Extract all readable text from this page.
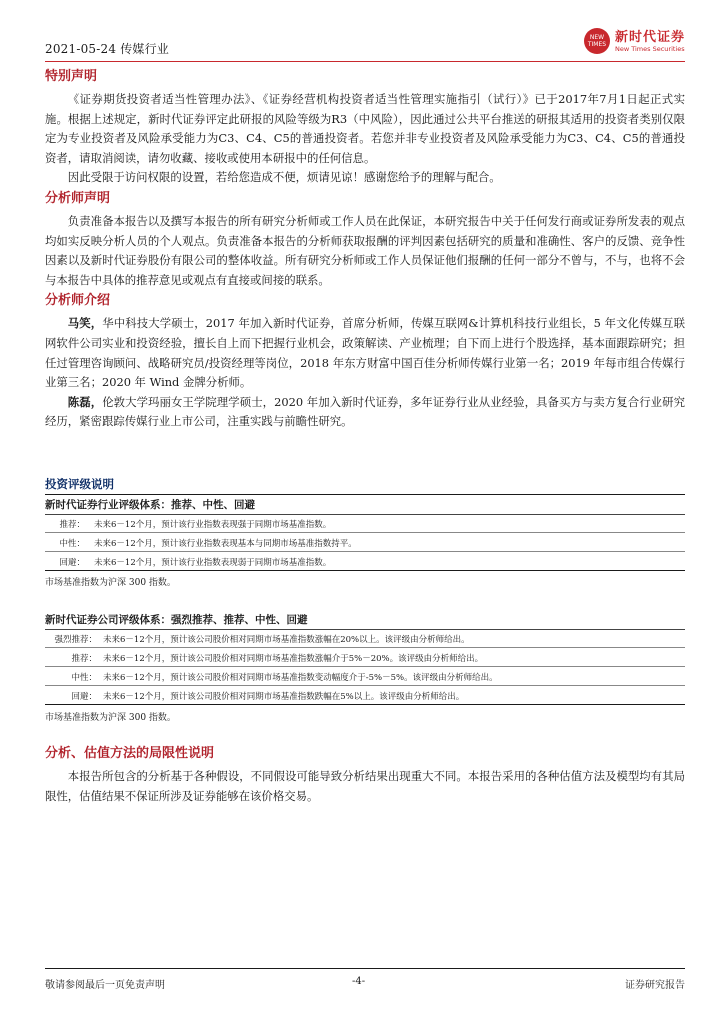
2021-05-24 传媒行业
NEW TIMES 新时代证券
New Times Securities
特别声明

《证券期货投资者适当性管理办法》、《证券经营机构投资者适当性管理实施指引（试行）》已于2017年7月1日起正式实施。根据上述规定，新时代证券评定此研报的风险等级为R3（中风险），因此通过公共平台推送的研报其适用的投资者类别仅限定为专业投资者及风险承受能力为C3、C4、C5的普通投资者。若您并非专业投资者及风险承受能力为C3、C4、C5的普通投资者，请取消阅读，请勿收藏、接收或使用本研报中的任何信息。

因此受限于访问权限的设置，若给您造成不便，烦请见谅！感谢您给予的理解与配合。

分析师声明

负责准备本报告以及撰写本报告的所有研究分析师或工作人员在此保证，本研究报告中关于任何发行商或证券所发表的观点均如实反映分析人员的个人观点。负责准备本报告的分析师获取报酬的评判因素包括研究的质量和准确性、客户的反馈、竞争性因素以及新时代证券股份有限公司的整体收益。所有研究分析师或工作人员保证他们报酬的任何一部分不曾与，不与，也将不会与本报告中具体的推荐意见或观点有直接或间接的联系。

分析师介绍

马笑，华中科技大学硕士，2017 年加入新时代证券，首席分析师，传媒互联网&计算机科技行业组长，5 年文化传媒互联网软件公司实业和投资经验，擅长自上而下把握行业机会，政策解读、产业梳理；自下而上进行个股选择，基本面跟踪研究；担任过管理咨询顾问、战略研究员/投资经理等岗位，2018 年东方财富中国百佳分析师传媒行业第一名；2019 年每市组合传媒行业第三名；2020 年 Wind 金牌分析师。

陈磊，伦敦大学玛丽女王学院理学硕士，2020 年加入新时代证券，多年证券行业从业经验，具备买方与卖方复合行业研究经历，紧密跟踪传媒行业上市公司，注重实践与前瞻性研究。

投资评级说明
新时代证券行业评级体系：推荐、中性、回避
推荐： 未来6－12个月，预计该行业指数表现强于同期市场基准指数。
中性： 未来6－12个月，预计该行业指数表现基本与同期市场基准指数持平。
回避： 未来6－12个月，预计该行业指数表现弱于同期市场基准指数。
市场基准指数为沪深 300 指数。
新时代证券公司评级体系：强烈推荐、推荐、中性、回避
强烈推荐： 未来6－12个月，预计该公司股价相对同期市场基准指数涨幅在20%以上。该评级由分析师给出。
推荐： 未来6－12个月，预计该公司股价相对同期市场基准指数涨幅介于5%－20%。该评级由分析师给出。
中性： 未来6－12个月，预计该公司股价相对同期市场基准指数变动幅度介于-5%－5%。该评级由分析师给出。
回避： 未来6－12个月，预计该公司股价相对同期市场基准指数跌幅在5%以上。该评级由分析师给出。
市场基准指数为沪深 300 指数。
分析、估值方法的局限性说明

本报告所包含的分析基于各种假设，不同假设可能导致分析结果出现重大不同。本报告采用的各种估值方法及模型均有其局限性，估值结果不保证所涉及证券能够在该价格交易。

敬请参阅最后一页免责声明	-4-	证券研究报告
